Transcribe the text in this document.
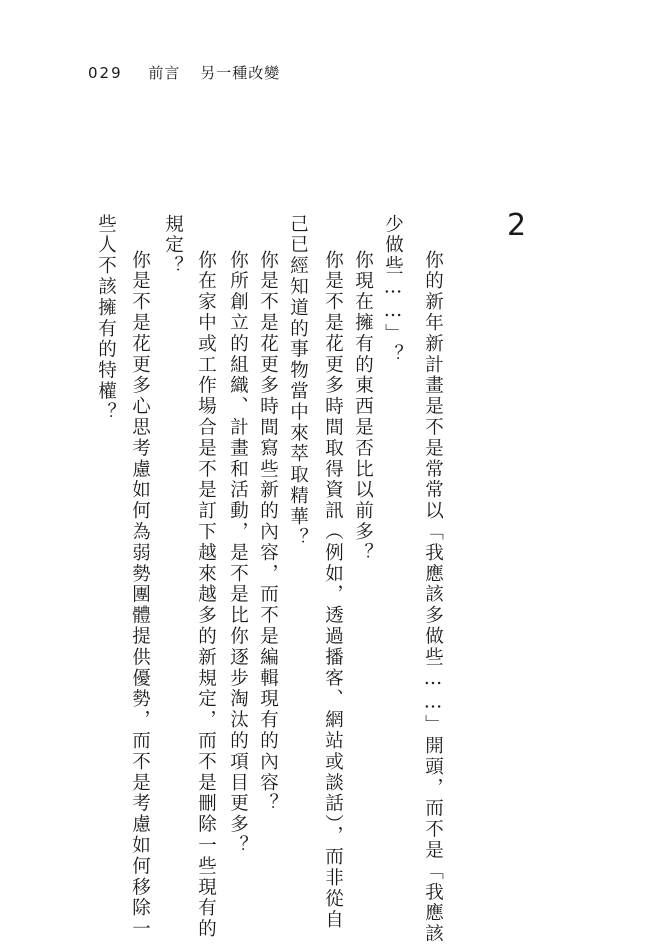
029 前言 另一種改變
2
你的新年新計畫是不是常常以「我應該多做些……」開頭，而不是「我應該
少做些……」？
你現在擁有的東西是否比以前多？
你是不是花更多時間取得資訊（例如，透過播客、網站或談話），而非從自
己已經知道的事物當中來萃取精華？
你是不是花更多時間寫些新的內容，而不是編輯現有的內容？
你所創立的組織、計畫和活動，是不是比你逐步淘汰的項目更多？
你在家中或工作場合是不是訂下越來越多的新規定，而不是刪除一些現有的
規定？
你是不是花更多心思考慮如何為弱勢團體提供優勢，而不是考慮如何移除一
些人不該擁有的特權？
